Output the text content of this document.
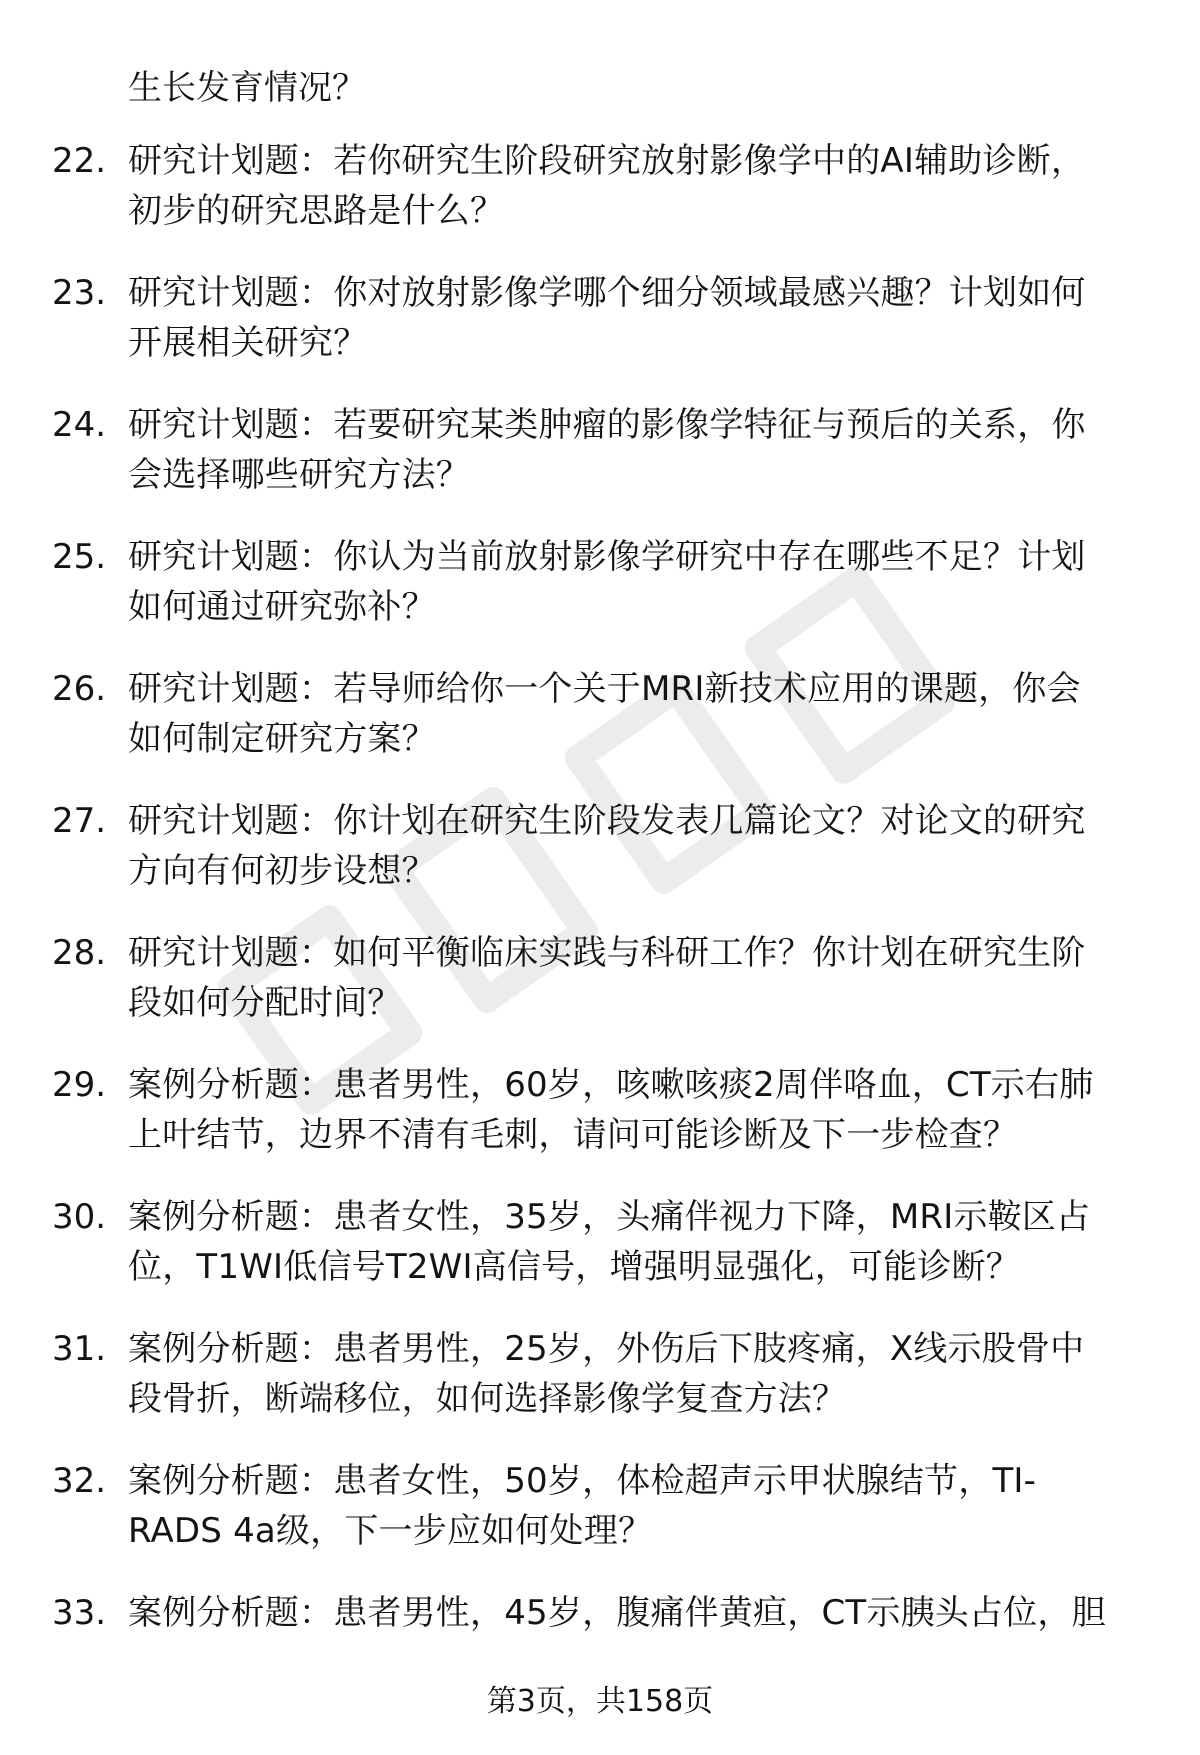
生长发育情况？

22. 研究计划题：若你研究生阶段研究放射影像学中的AI辅助诊断，
初步的研究思路是什么？
23. 研究计划题：你对放射影像学哪个细分领域最感兴趣？计划如何
开展相关研究？
24. 研究计划题：若要研究某类肿瘤的影像学特征与预后的关系，你
会选择哪些研究方法？
25. 研究计划题：你认为当前放射影像学研究中存在哪些不足？计划
如何通过研究弥补？
26. 研究计划题：若导师给你一个关于MRI新技术应用的课题，你会
如何制定研究方案？
27. 研究计划题：你计划在研究生阶段发表几篇论文？对论文的研究
方向有何初步设想？
28. 研究计划题：如何平衡临床实践与科研工作？你计划在研究生阶
段如何分配时间？
29. 案例分析题：患者男性，60岁，咳嗽咳痰2周伴咯血，CT示右肺
上叶结节，边界不清有毛刺，请问可能诊断及下一步检查？
30. 案例分析题：患者女性，35岁，头痛伴视力下降，MRI示鞍区占
位，T1WI低信号T2WI高信号，增强明显强化，可能诊断？
31. 案例分析题：患者男性，25岁，外伤后下肢疼痛，X线示股骨中
段骨折，断端移位，如何选择影像学复查方法？
32. 案例分析题：患者女性，50岁，体检超声示甲状腺结节，TI-
RADS 4a级，下一步应如何处理？
33. 案例分析题：患者男性，45岁，腹痛伴黄疸，CT示胰头占位，胆
第3页，共158页
